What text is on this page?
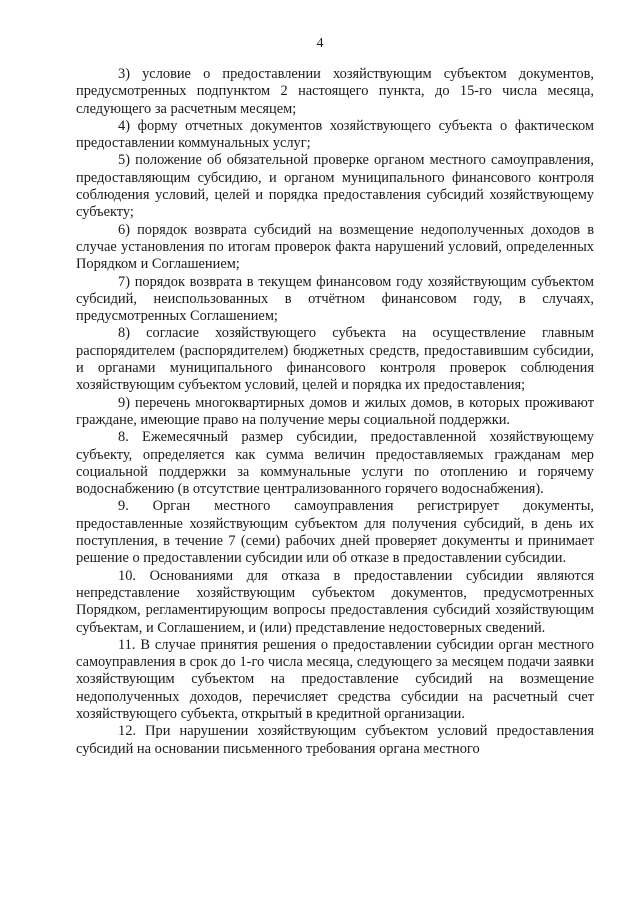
4

3) условие о предоставлении хозяйствующим субъектом документов, предусмотренных подпунктом 2 настоящего пункта, до 15-го числа месяца, следующего за расчетным месяцем;

4) форму отчетных документов хозяйствующего субъекта о фактическом предоставлении коммунальных услуг;

5) положение об обязательной проверке органом местного самоуправления, предоставляющим субсидию, и органом муниципального финансового контроля соблюдения условий, целей и порядка предоставления субсидий хозяйствующему субъекту;

6) порядок возврата субсидий на возмещение недополученных доходов в случае установления по итогам проверок факта нарушений условий, определенных Порядком и Соглашением;

7) порядок возврата в текущем финансовом году хозяйствующим субъектом субсидий, неиспользованных в отчётном финансовом году, в случаях, предусмотренных Соглашением;

8) согласие хозяйствующего субъекта на осуществление главным распорядителем (распорядителем) бюджетных средств, предоставившим субсидии, и органами муниципального финансового контроля проверок соблюдения хозяйствующим субъектом условий, целей и порядка их предоставления;

9) перечень многоквартирных домов и жилых домов, в которых проживают граждане, имеющие право на получение меры социальной поддержки.

8. Ежемесячный размер субсидии, предоставленной хозяйствующему субъекту, определяется как сумма величин предоставляемых гражданам мер социальной поддержки за коммунальные услуги по отоплению и горячему водоснабжению (в отсутствие централизованного горячего водоснабжения).

9. Орган местного самоуправления регистрирует документы, предоставленные хозяйствующим субъектом для получения субсидий, в день их поступления, в течение 7 (семи) рабочих дней проверяет документы и принимает решение о предоставлении субсидии или об отказе в предоставлении субсидии.

10. Основаниями для отказа в предоставлении субсидии являются непредставление хозяйствующим субъектом документов, предусмотренных Порядком, регламентирующим вопросы предоставления субсидий хозяйствующим субъектам, и Соглашением, и (или) представление недостоверных сведений.

11. В случае принятия решения о предоставлении субсидии орган местного самоуправления в срок до 1-го числа месяца, следующего за месяцем подачи заявки хозяйствующим субъектом на предоставление субсидий на возмещение недополученных доходов, перечисляет средства субсидии на расчетный счет хозяйствующего субъекта, открытый в кредитной организации.

12. При нарушении хозяйствующим субъектом условий предоставления субсидий на основании письменного требования органа местного
